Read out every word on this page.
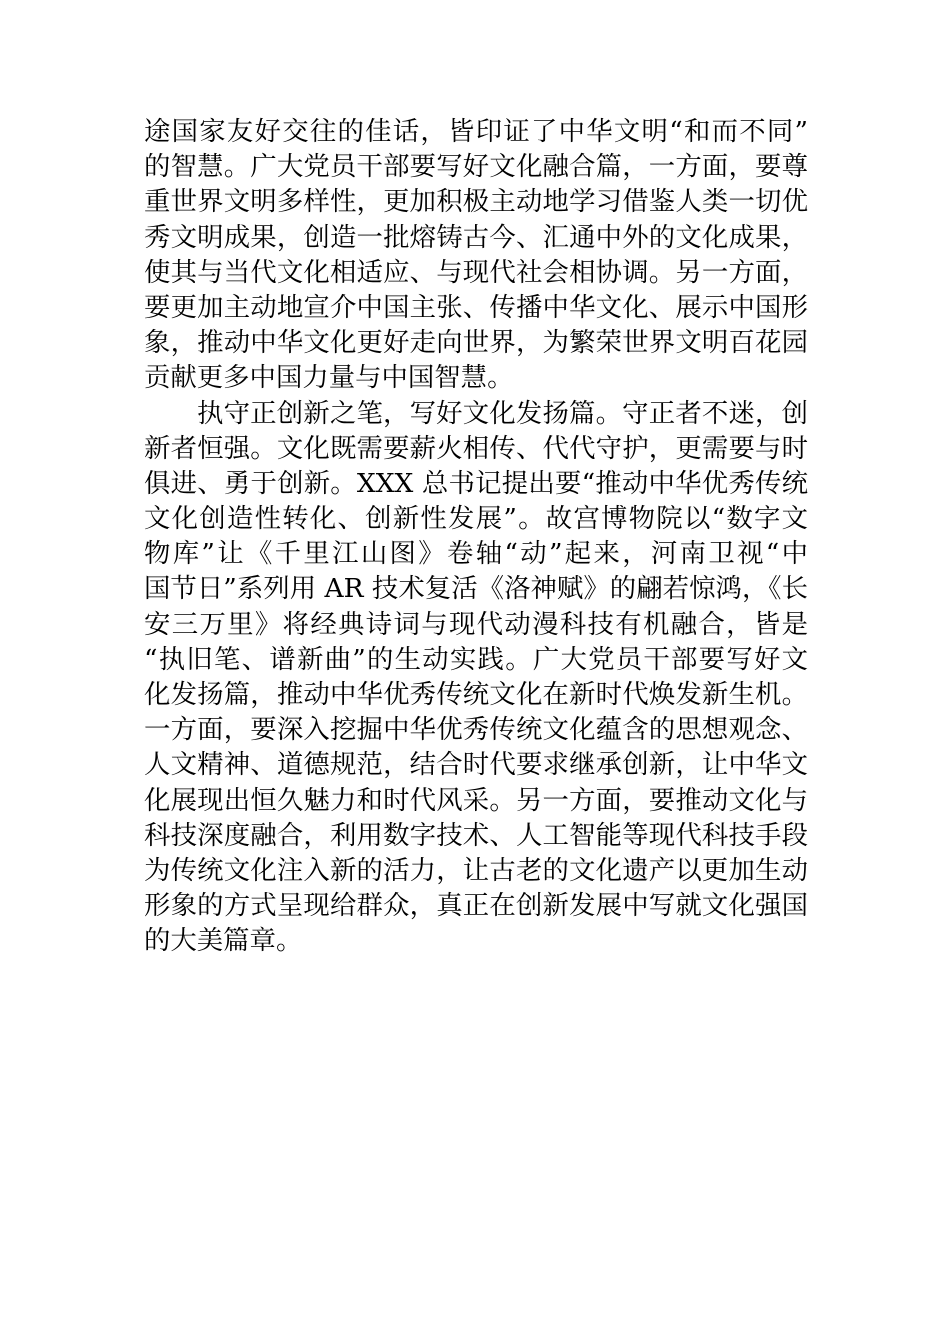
途国家友好交往的佳话，皆印证了中华文明“和而不同”
的智慧。广大党员干部要写好文化融合篇，一方面，要尊
重世界文明多样性，更加积极主动地学习借鉴人类一切优
秀文明成果，创造一批熔铸古今、汇通中外的文化成果，
使其与当代文化相适应、与现代社会相协调。另一方面，
要更加主动地宣介中国主张、传播中华文化、展示中国形
象，推动中华文化更好走向世界，为繁荣世界文明百花园
贡献更多中国力量与中国智慧。
执守正创新之笔，写好文化发扬篇。守正者不迷，创
新者恒强。文化既需要薪火相传、代代守护，更需要与时
俱进、勇于创新。XXX 总书记提出要“推动中华优秀传统
文化创造性转化、创新性发展”。故宫博物院以“数字文
物库”让《千里江山图》卷轴“动”起来，河南卫视“中
国节日”系列用 AR 技术复活《洛神赋》的翩若惊鸿，《长
安三万里》将经典诗词与现代动漫科技有机融合，皆是
“执旧笔、谱新曲”的生动实践。广大党员干部要写好文
化发扬篇，推动中华优秀传统文化在新时代焕发新生机。
一方面，要深入挖掘中华优秀传统文化蕴含的思想观念、
人文精神、道德规范，结合时代要求继承创新，让中华文
化展现出恒久魅力和时代风采。另一方面，要推动文化与
科技深度融合，利用数字技术、人工智能等现代科技手段
为传统文化注入新的活力，让古老的文化遗产以更加生动
形象的方式呈现给群众，真正在创新发展中写就文化强国
的大美篇章。
